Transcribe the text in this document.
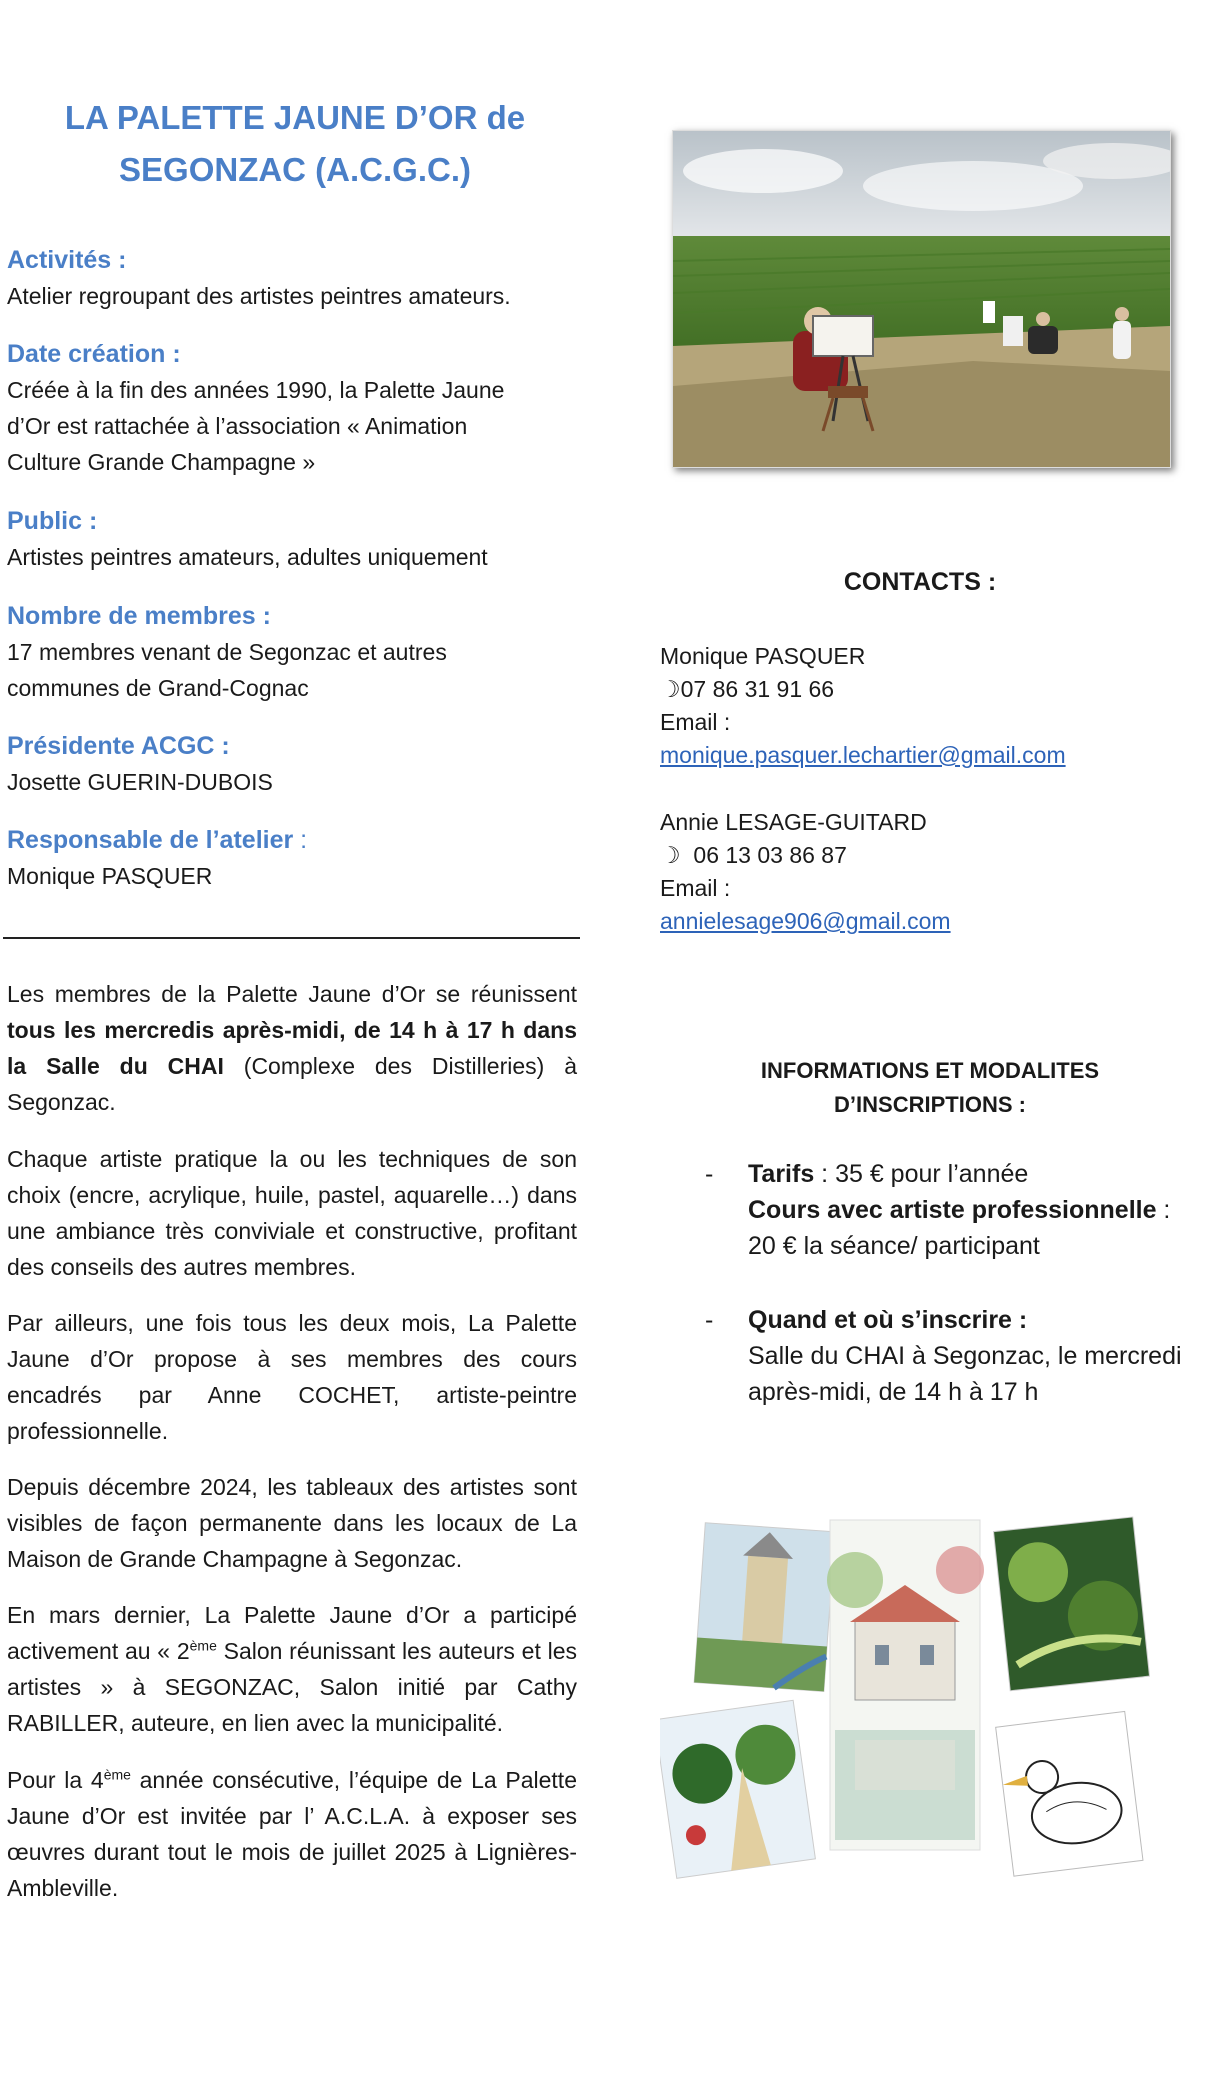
LA PALETTE JAUNE D’OR de
SEGONZAC (A.C.G.C.)
Activités :
Atelier regroupant des artistes peintres amateurs.
Date création :
Créée à la fin des années 1990, la Palette Jaune
d’Or est rattachée à l’association « Animation
Culture Grande Champagne »
Public :
Artistes peintres amateurs, adultes uniquement
Nombre de membres :
17 membres venant de Segonzac et autres
communes de Grand-Cognac
Présidente ACGC :
Josette GUERIN-DUBOIS
Responsable de l’atelier :
Monique PASQUER
Les membres de la Palette Jaune d’Or se réunissent tous les mercredis après-midi, de 14 h à 17 h dans la Salle du CHAI (Complexe des Distilleries) à Segonzac.
Chaque artiste pratique la ou les techniques de son choix (encre, acrylique, huile, pastel, aquarelle…) dans une ambiance très conviviale et constructive, profitant des conseils des autres membres.
Par ailleurs, une fois tous les deux mois, La Palette Jaune d’Or propose à ses membres des cours encadrés par Anne COCHET, artiste-peintre professionnelle.
Depuis décembre 2024, les tableaux des artistes sont visibles de façon permanente dans les locaux de La Maison de Grande Champagne à Segonzac.
En mars dernier, La Palette Jaune d’Or a participé activement au « 2ème Salon réunissant les auteurs et les artistes » à SEGONZAC, Salon initié par Cathy RABILLER, auteure, en lien avec la municipalité.
Pour la 4ème année consécutive, l’équipe de La Palette Jaune d’Or est invitée par l’ A.C.L.A. à exposer ses œuvres durant tout le mois de juillet 2025 à Lignières-Ambleville.
CONTACTS :
Monique PASQUER
☽07 86 31 91 66
Email :
monique.pasquer.lechartier@gmail.com
Annie LESAGE-GUITARD
☽ 06 13 03 86 87
Email :
annielesage906@gmail.com
INFORMATIONS ET MODALITES
D’INSCRIPTIONS :
- Tarifs : 35 € pour l’année
Cours avec artiste professionnelle : 20 € la séance/ participant
- Quand et où s’inscrire :
Salle du CHAI à Segonzac, le mercredi après-midi, de 14 h à 17 h
